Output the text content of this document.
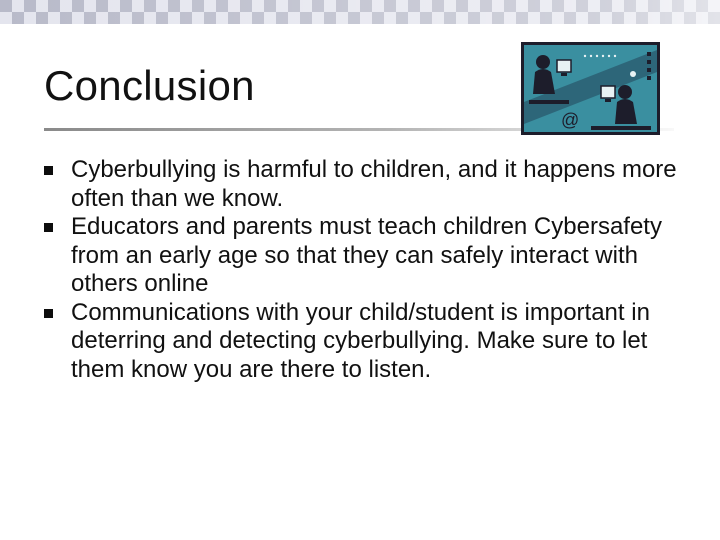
Conclusion
@
Cyberbullying is harmful to children, and it happens more often than we know.
Educators and parents must teach children Cybersafety from an early age so that they can safely interact with others online
Communications with your child/student is important in deterring and detecting cyberbullying. Make sure to let them know you are there to listen.
